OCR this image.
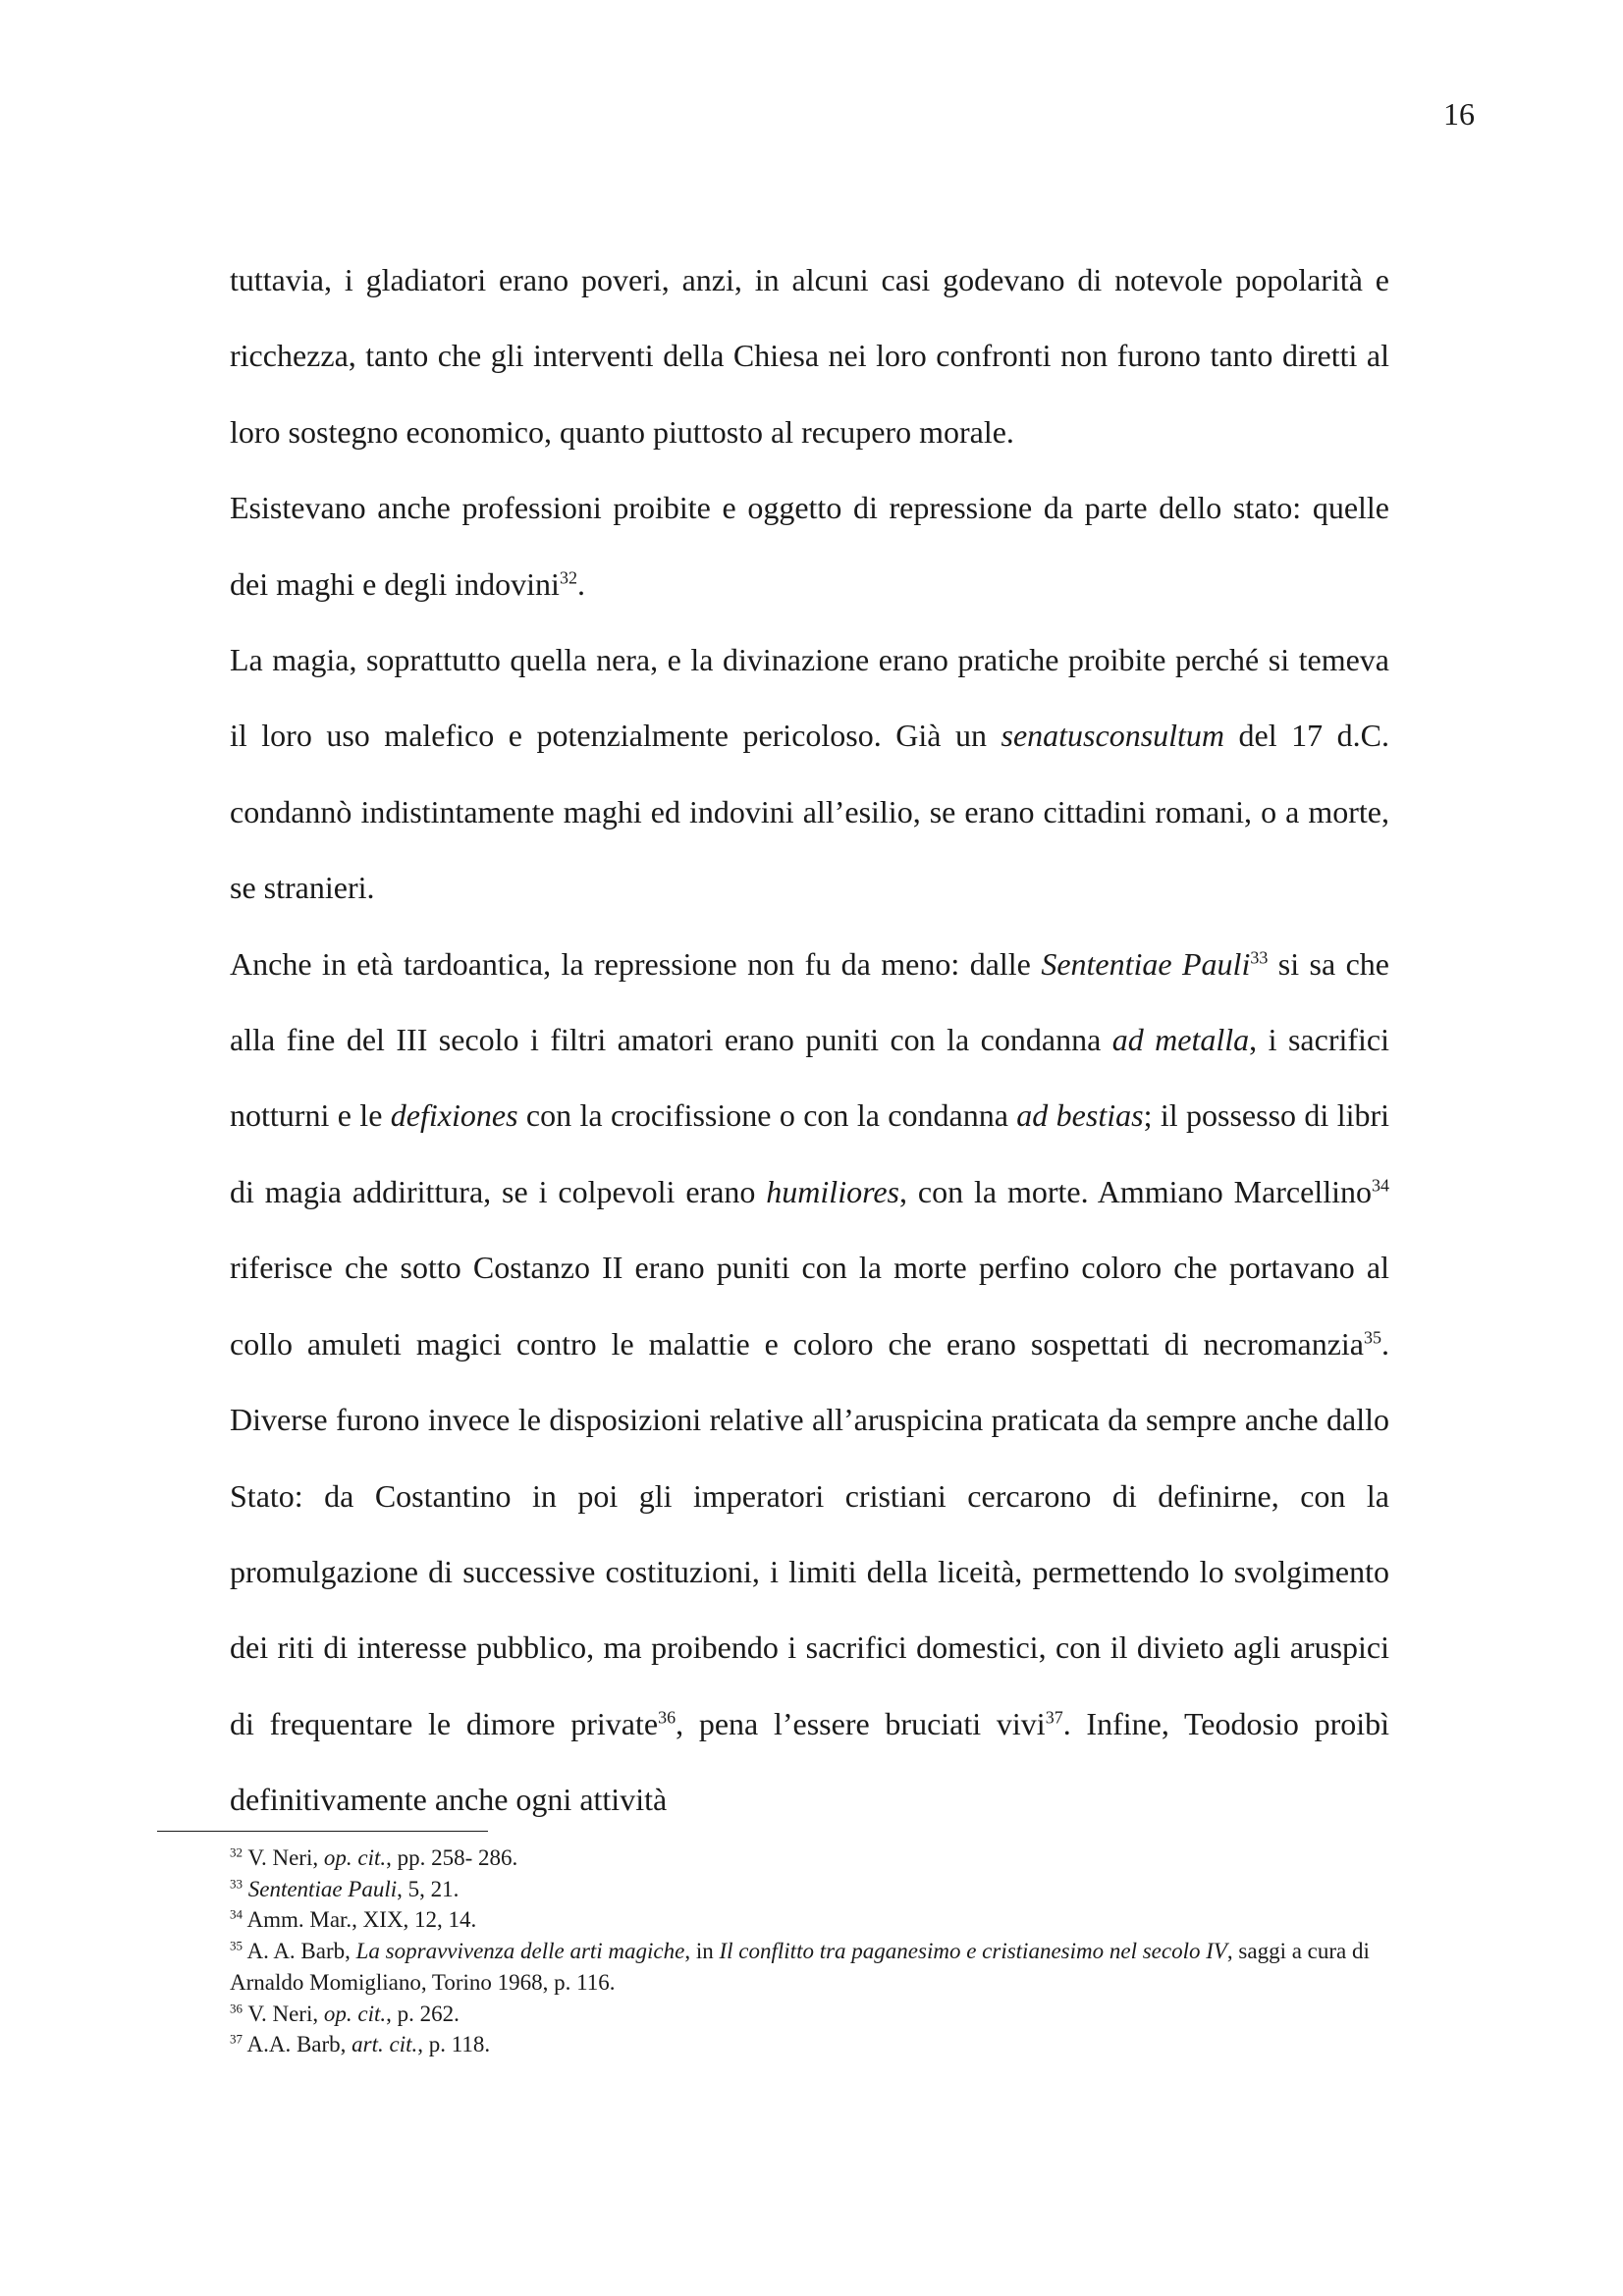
16

tuttavia, i gladiatori erano poveri, anzi, in alcuni casi godevano di notevole popolarità e ricchezza, tanto che gli interventi della Chiesa nei loro confronti non furono tanto diretti al loro sostegno economico, quanto piuttosto al recupero morale.

Esistevano anche professioni proibite e oggetto di repressione da parte dello stato: quelle dei maghi e degli indovini$^{32}$.

La magia, soprattutto quella nera, e la divinazione erano pratiche proibite perché si temeva il loro uso malefico e potenzialmente pericoloso. Già un senatusconsultum del 17 d.C. condannò indistintamente maghi ed indovini all’esilio, se erano cittadini romani, o a morte, se stranieri.

Anche in età tardoantica, la repressione non fu da meno: dalle Sententiae Pauli$^{33}$ si sa che alla fine del III secolo i filtri amatori erano puniti con la condanna ad metalla, i sacrifici notturni e le defixiones con la crocifissione o con la condanna ad bestias; il possesso di libri di magia addirittura, se i colpevoli erano humiliores, con la morte. Ammiano Marcellino$^{34}$ riferisce che sotto Costanzo II erano puniti con la morte perfino coloro che portavano al collo amuleti magici contro le malattie e coloro che erano sospettati di necromanzia$^{35}$. Diverse furono invece le disposizioni relative all’aruspicina praticata da sempre anche dallo Stato: da Costantino in poi gli imperatori cristiani cercarono di definirne, con la promulgazione di successive costituzioni, i limiti della liceità, permettendo lo svolgimento dei riti di interesse pubblico, ma proibendo i sacrifici domestici, con il divieto agli aruspici di frequentare le dimore private$^{36}$, pena l’essere bruciati vivi$^{37}$. Infine, Teodosio proibì definitivamente anche ogni attività

$^{32}$ V. Neri, op. cit., pp. 258- 286.

$^{33}$ Sententiae Pauli, 5, 21.

$^{34}$ Amm. Mar., XIX, 12, 14.

$^{35}$ A. A. Barb, La sopravvivenza delle arti magiche, in Il conflitto tra paganesimo e cristianesimo nel secolo IV, saggi a cura di Arnaldo Momigliano, Torino 1968, p. 116.

$^{36}$ V. Neri, op. cit., p. 262.

$^{37}$ A.A. Barb, art. cit., p. 118.
